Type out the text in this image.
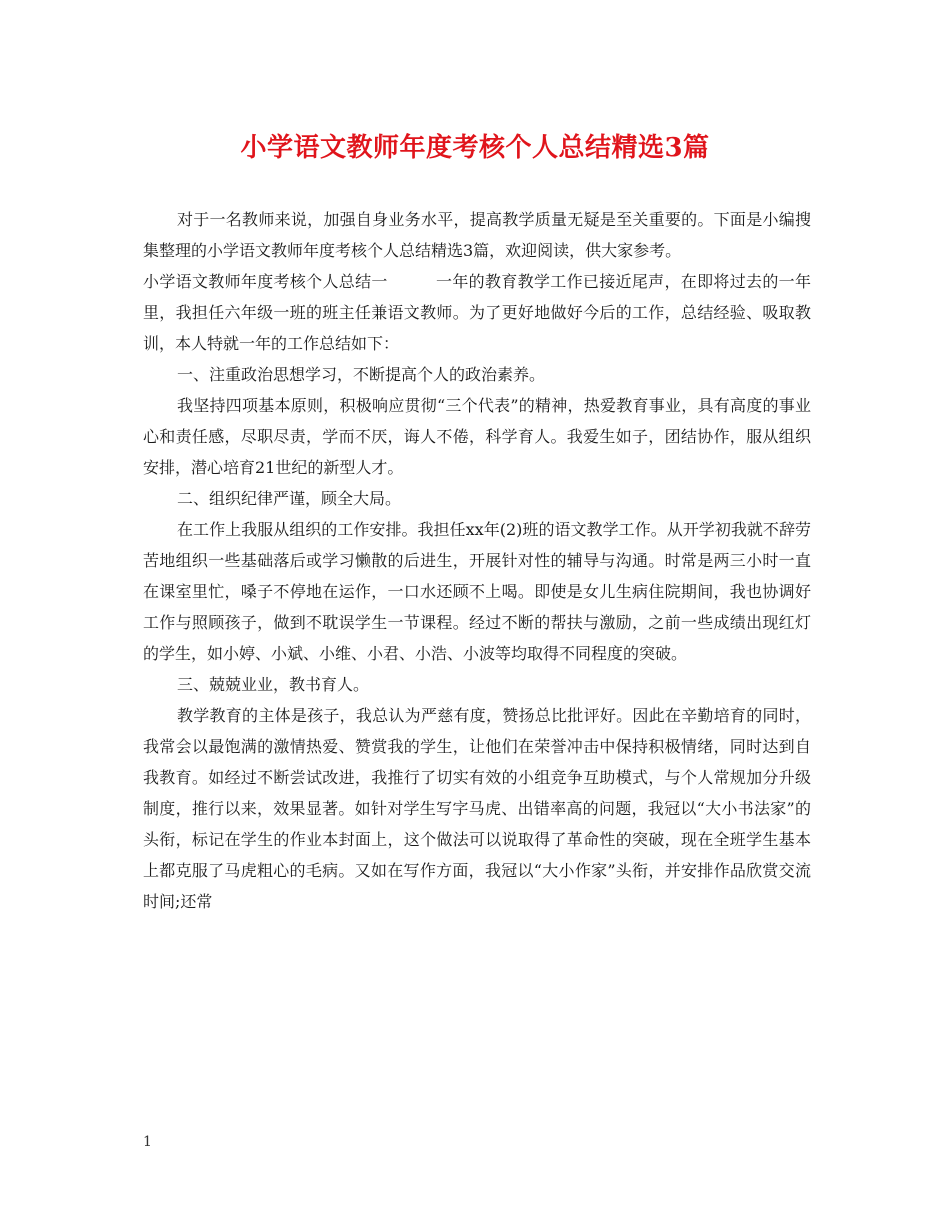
小学语文教师年度考核个人总结精选3篇

对于一名教师来说，加强自身业务水平，提高教学质量无疑是至关重要的。下面是小编搜集整理的小学语文教师年度考核个人总结精选3篇，欢迎阅读，供大家参考。

小学语文教师年度考核个人总结一	一年的教育教学工作已接近尾声，在即将过去的一年里，我担任六年级一班的班主任兼语文教师。为了更好地做好今后的工作，总结经验、吸取教训，本人特就一年的工作总结如下：

一、注重政治思想学习，不断提高个人的政治素养。

我坚持四项基本原则，积极响应贯彻“三个代表”的精神，热爱教育事业，具有高度的事业心和责任感，尽职尽责，学而不厌，诲人不倦，科学育人。我爱生如子，团结协作，服从组织安排，潜心培育21世纪的新型人才。

二、组织纪律严谨，顾全大局。

在工作上我服从组织的工作安排。我担任xx年(2)班的语文教学工作。从开学初我就不辞劳苦地组织一些基础落后或学习懒散的后进生，开展针对性的辅导与沟通。时常是两三小时一直在课室里忙，嗓子不停地在运作，一口水还顾不上喝。即使是女儿生病住院期间，我也协调好工作与照顾孩子，做到不耽误学生一节课程。经过不断的帮扶与激励，之前一些成绩出现红灯的学生，如小婷、小斌、小维、小君、小浩、小波等均取得不同程度的突破。

三、兢兢业业，教书育人。

教学教育的主体是孩子，我总认为严慈有度，赞扬总比批评好。因此在辛勤培育的同时，我常会以最饱满的激情热爱、赞赏我的学生，让他们在荣誉冲击中保持积极情绪，同时达到自我教育。如经过不断尝试改进，我推行了切实有效的小组竞争互助模式，与个人常规加分升级制度，推行以来，效果显著。如针对学生写字马虎、出错率高的问题，我冠以“大小书法家”的头衔，标记在学生的作业本封面上，这个做法可以说取得了革命性的突破，现在全班学生基本上都克服了马虎粗心的毛病。又如在写作方面，我冠以“大小作家”头衔，并安排作品欣赏交流时间;还常

1
